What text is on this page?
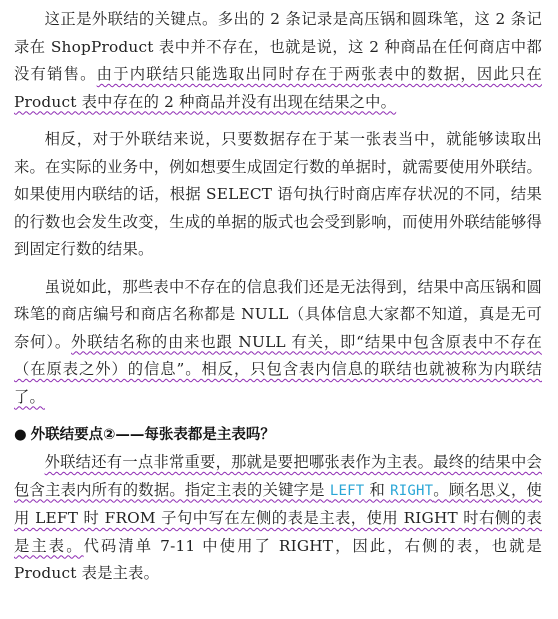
这正是外联结的关键点。多出的 2 条记录是高压锅和圆珠笔，这 2 条记录在 ShopProduct 表中并不存在，也就是说，这 2 种商品在任何商店中都没有销售。由于内联结只能选取出同时存在于两张表中的数据，因此只在 Product 表中存在的 2 种商品并没有出现在结果之中。

相反，对于外联结来说，只要数据存在于某一张表当中，就能够读取出来。在实际的业务中，例如想要生成固定行数的单据时，就需要使用外联结。如果使用内联结的话，根据 SELECT 语句执行时商店库存状况的不同，结果的行数也会发生改变，生成的单据的版式也会受到影响，而使用外联结能够得到固定行数的结果。

虽说如此，那些表中不存在的信息我们还是无法得到，结果中高压锅和圆珠笔的商店编号和商店名称都是 NULL（具体信息大家都不知道，真是无可奈何）。外联结名称的由来也跟 NULL 有关，即“结果中包含原表中不存在（在原表之外）的信息”。相反，只包含表内信息的联结也就被称为内联结了。

● 外联结要点②——每张表都是主表吗？

外联结还有一点非常重要，那就是要把哪张表作为主表。最终的结果中会包含主表内所有的数据。指定主表的关键字是 LEFT 和 RIGHT。顾名思义，使用 LEFT 时 FROM 子句中写在左侧的表是主表，使用 RIGHT 时右侧的表是主表。代码清单 7-11 中使用了 RIGHT，因此，右侧的表，也就是 Product 表是主表。
